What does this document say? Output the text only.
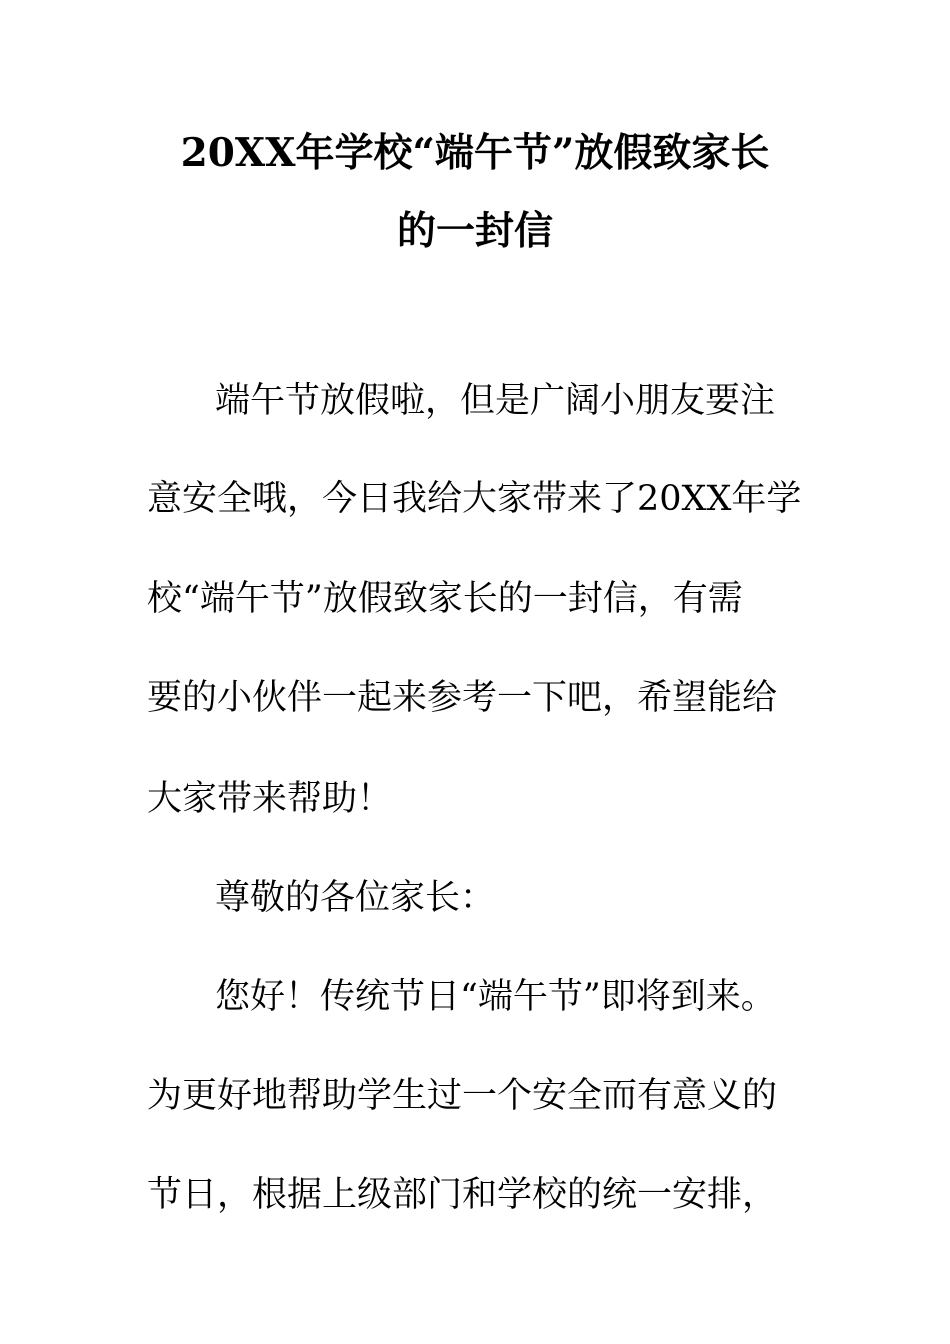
20XX年学校“端午节”放假致家长
的一封信
端午节放假啦，但是广阔小朋友要注
意安全哦，今日我给大家带来了20XX年学
校“端午节”放假致家长的一封信，有需
要的小伙伴一起来参考一下吧，希望能给
大家带来帮助！
尊敬的各位家长：
您好！传统节日“端午节”即将到来。
为更好地帮助学生过一个安全而有意义的
节日，根据上级部门和学校的统一安排，
